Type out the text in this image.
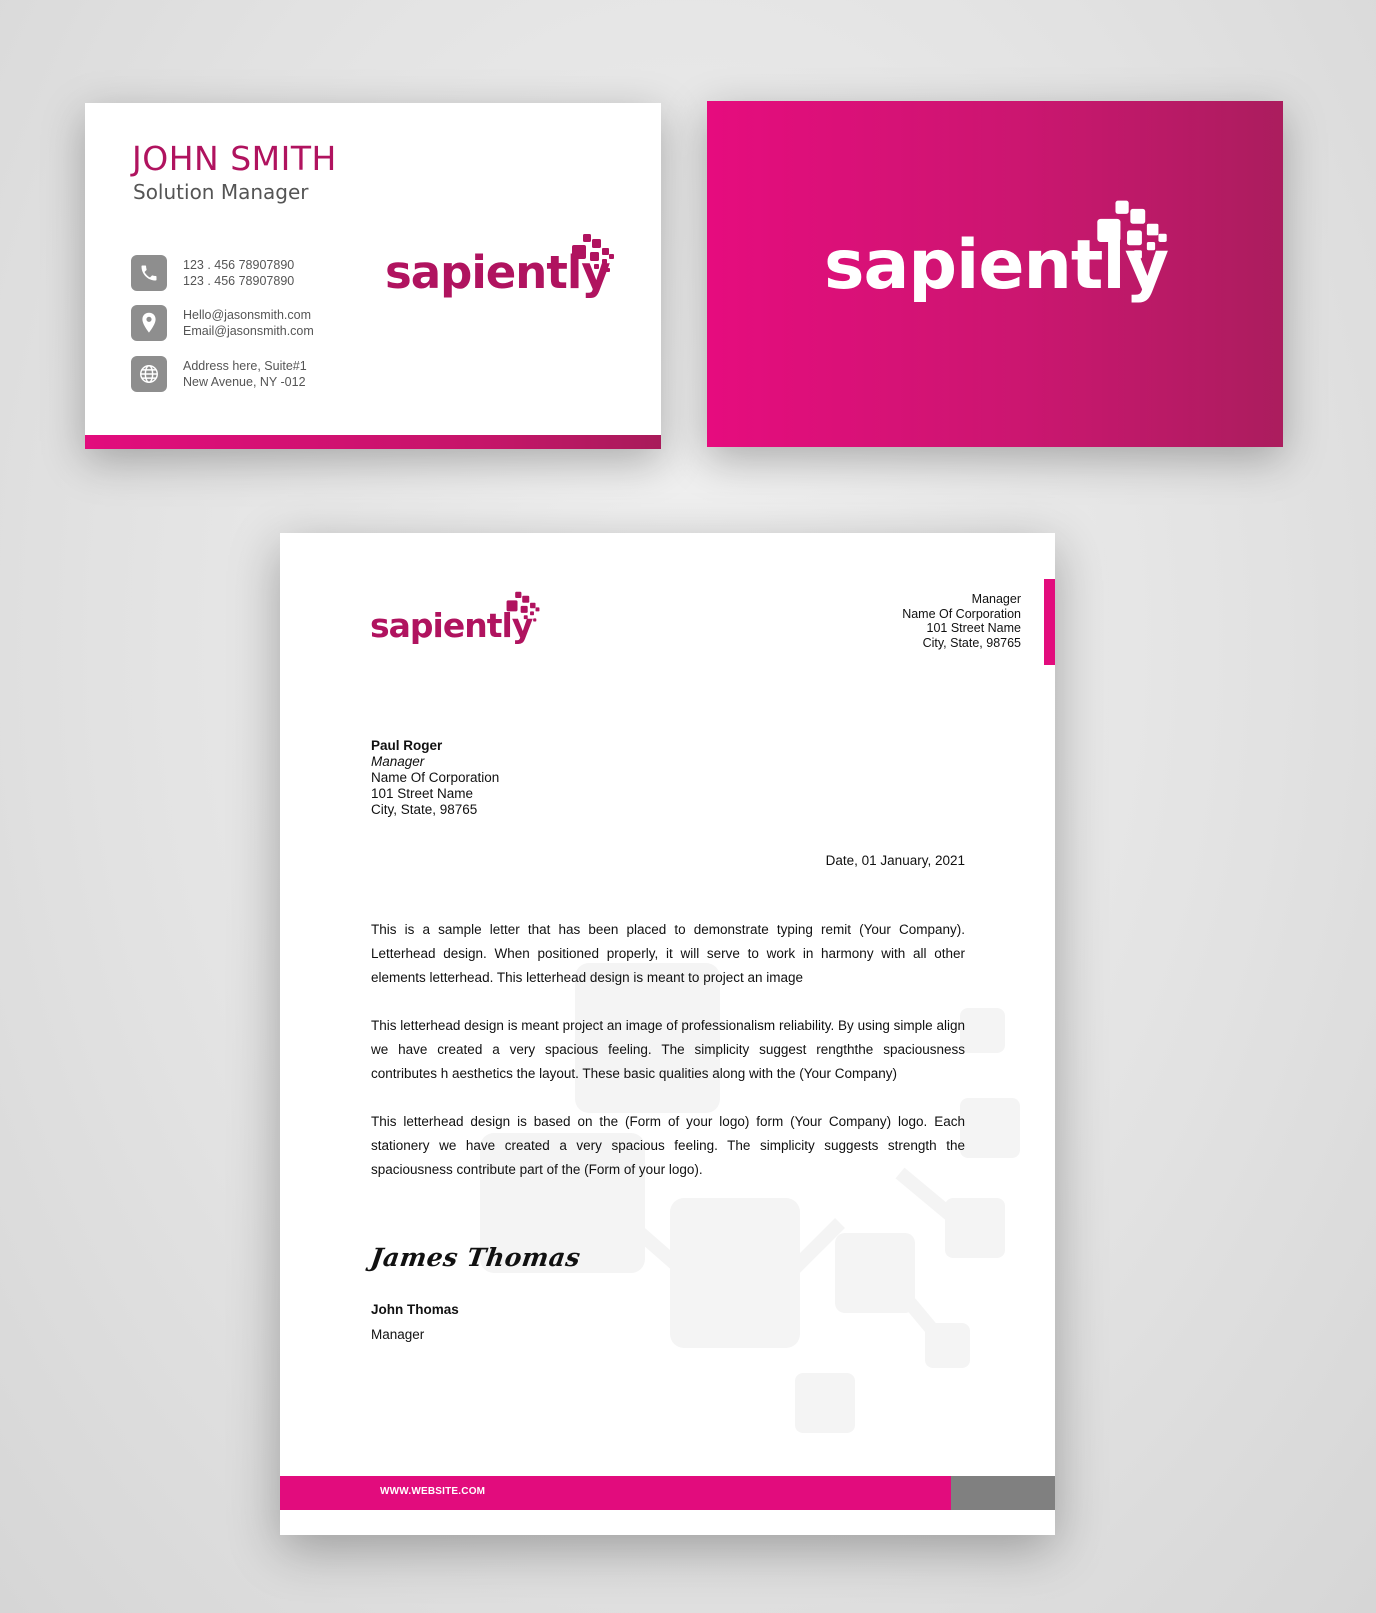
JOHN SMITH
Solution Manager
123 . 456 78907890
123 . 456 78907890
Hello@jasonsmith.com
Email@jasonsmith.com
Address here, Suite#1
New Avenue, NY -012
sapiently	sapiently
sapiently
Manager
Name Of Corporation
101 Street Name
City, State, 98765
Paul Roger
Manager
Name Of Corporation
101 Street Name
City, State, 98765
Date, 01 January, 2021

This is a sample letter that has been placed to demonstrate typing remit (Your Company). Letterhead design. When positioned properly, it will serve to work in harmony with all other elements letterhead. This letterhead design is meant to project an image

This letterhead design is meant project an image of professionalism reliability. By using simple align we have created a very spacious feeling. The simplicity suggest rengththe spaciousness contributes h aesthetics the layout. These basic qualities along with the (Your Company)

This letterhead design is based on the (Form of your logo) form (Your Company) logo. Each stationery we have created a very spacious feeling. The simplicity suggests strength the spaciousness contribute part of the (Form of your logo).

James Thomas
John Thomas
Manager
WWW.WEBSITE.COM
